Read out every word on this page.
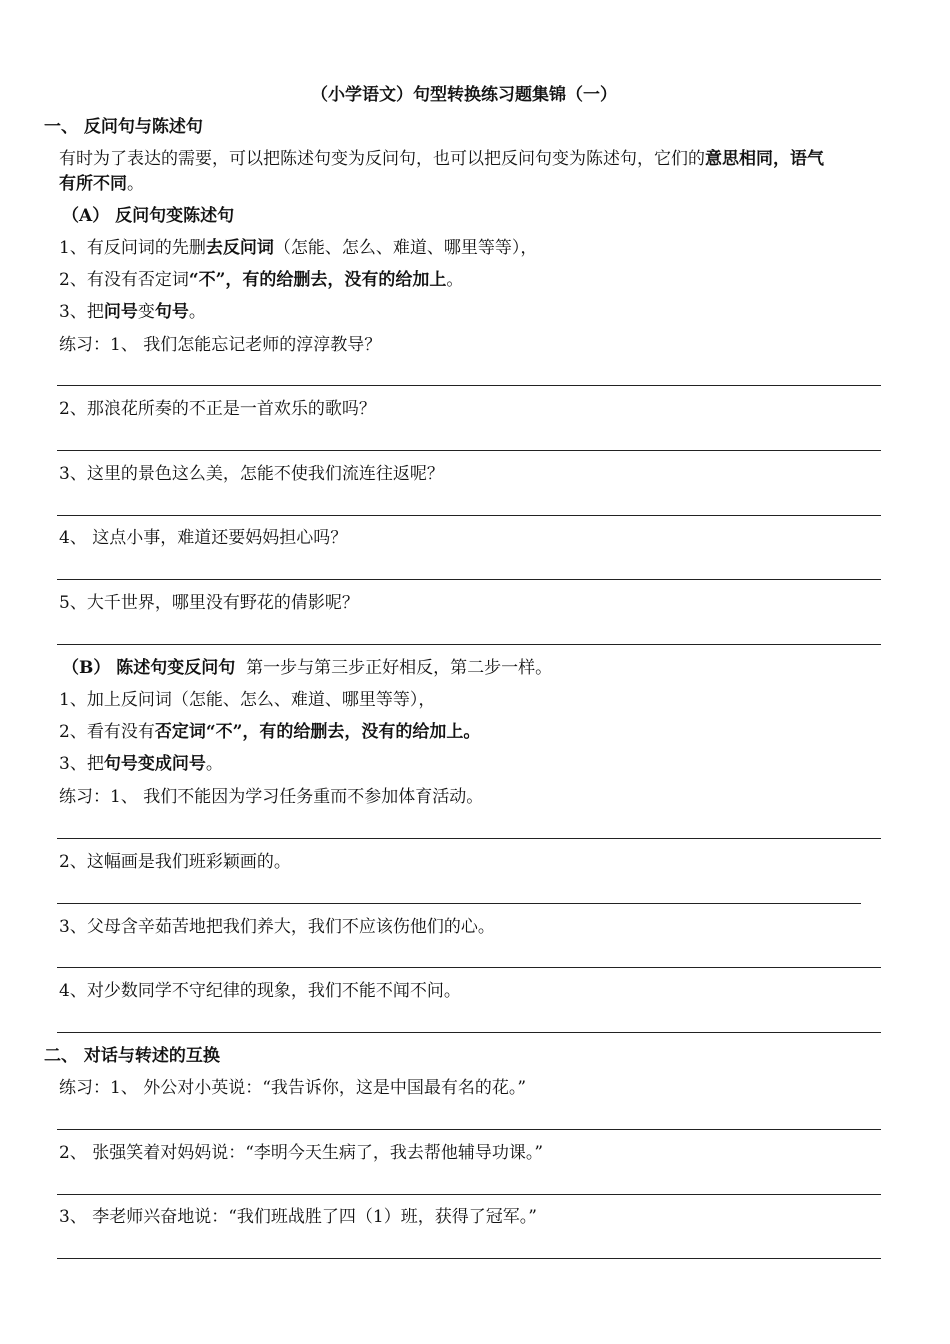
（小学语文）句型转换练习题集锦（一）
一、 反问句与陈述句
有时为了表达的需要，可以把陈述句变为反问句，也可以把反问句变为陈述句，它们的意思相同，语气
有所不同。
（A） 反问句变陈述句
1、有反问词的先删去反问词（怎能、怎么、难道、哪里等等），
2、有没有否定词“不”，有的给删去，没有的给加上。
3、把问号变句号。
练习：1、 我们怎能忘记老师的淳淳教导？
2、那浪花所奏的不正是一首欢乐的歌吗？
3、这里的景色这么美，怎能不使我们流连往返呢？
4、 这点小事，难道还要妈妈担心吗？
5、大千世界，哪里没有野花的倩影呢？
（B） 陈述句变反问句 第一步与第三步正好相反，第二步一样。
1、加上反问词（怎能、怎么、难道、哪里等等），
2、看有没有否定词“不”，有的给删去，没有的给加上。
3、把句号变成问号。
练习：1、 我们不能因为学习任务重而不参加体育活动。
2、这幅画是我们班彩颖画的。
3、父母含辛茹苦地把我们养大，我们不应该伤他们的心。
4、对少数同学不守纪律的现象，我们不能不闻不问。
二、 对话与转述的互换
练习：1、 外公对小英说：“我告诉你，这是中国最有名的花。”
2、 张强笑着对妈妈说：“李明今天生病了，我去帮他辅导功课。”
3、 李老师兴奋地说：“我们班战胜了四（1）班，获得了冠军。”
